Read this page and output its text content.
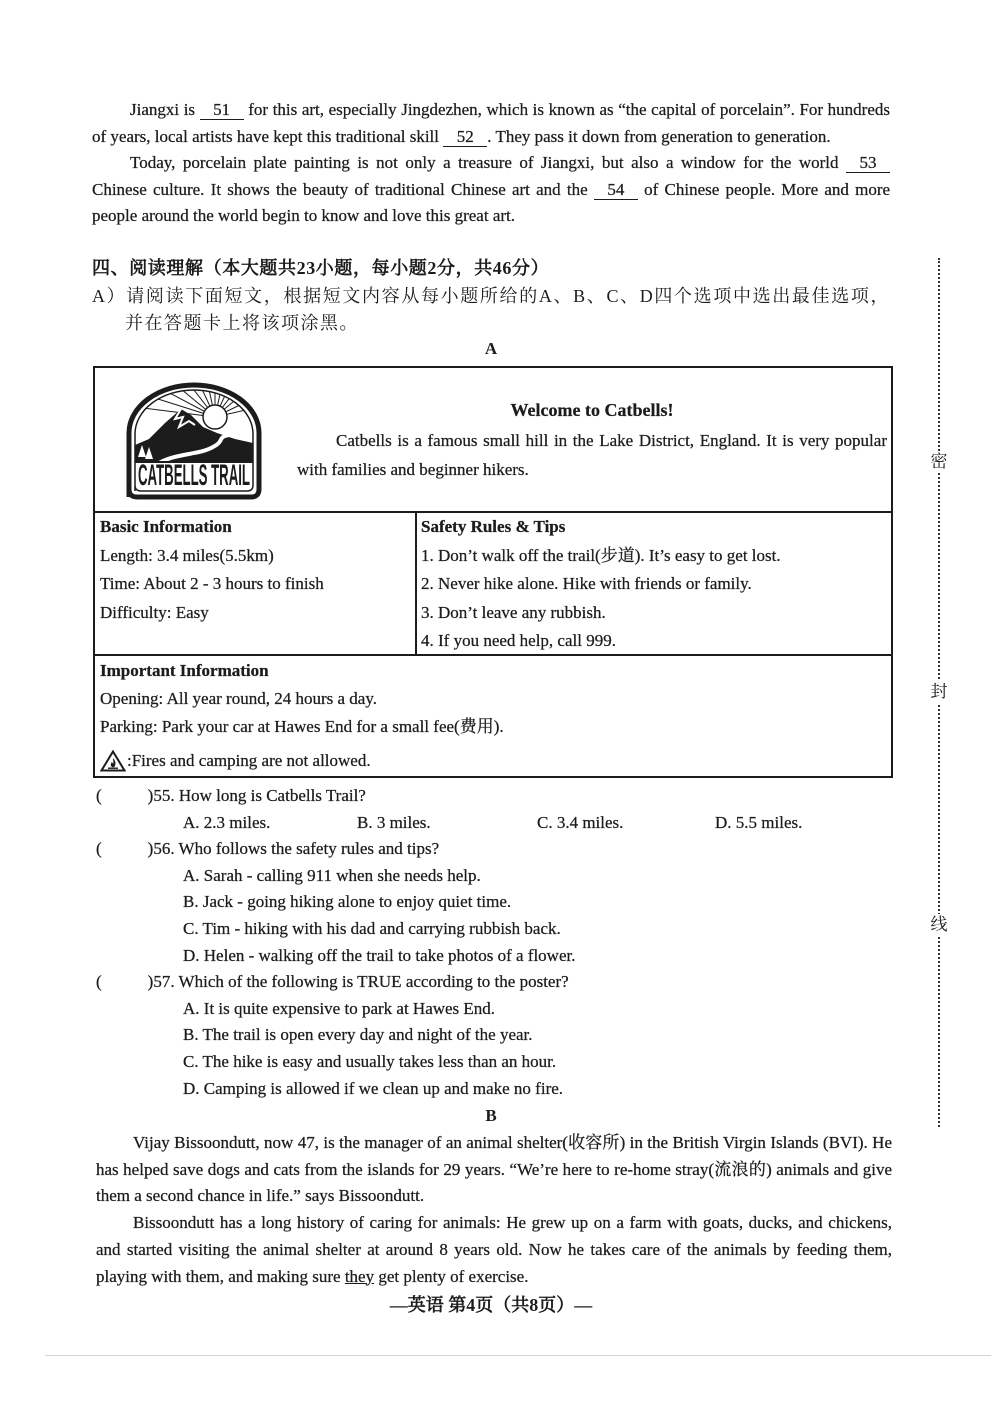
Jiangxi is 51 for this art, especially Jingdezhen, which is known as “the capital of porcelain”. For hundreds of years, local artists have kept this traditional skill 52 . They pass it down from generation to generation.

Today, porcelain plate painting is not only a treasure of Jiangxi, but also a window for the world 53 Chinese culture. It shows the beauty of traditional Chinese art and the 54 of Chinese people. More and more people around the world begin to know and love this great art.

四、阅读理解（本大题共23小题，每小题2分，共46分）

A）请阅读下面短文，根据短文内容从每小题所给的A、B、C、D四个选项中选出最佳选项，并在答题卡上将该项涂黑。

A
CATBELLS TRAIL
Welcome to Catbells!

Catbells is a famous small hill in the Lake District, England. It is very popular with families and beginner hikers.

Basic Information
Length: 3.4 miles(5.5km)
Time: About 2 - 3 hours to finish
Difficulty: Easy
Safety Rules & Tips
1. Don’t walk off the trail(步道). It’s easy to get lost.
2. Never hike alone. Hike with friends or family.
3. Don’t leave any rubbish.
4. If you need help, call 999.
Important Information
Opening: All year round, 24 hours a day.
Parking: Park your car at Hawes End for a small fee(费用).
:Fires and camping are not allowed.
(	)55. How long is Catbells Trail?
A. 2.3 miles.	B. 3 miles.	C. 3.4 miles.	D. 5.5 miles.
(	)56. Who follows the safety rules and tips?
A. Sarah - calling 911 when she needs help.
B. Jack - going hiking alone to enjoy quiet time.
C. Tim - hiking with his dad and carrying rubbish back.
D. Helen - walking off the trail to take photos of a flower.
(	)57. Which of the following is TRUE according to the poster?
A. It is quite expensive to park at Hawes End.
B. The trail is open every day and night of the year.
C. The hike is easy and usually takes less than an hour.
D. Camping is allowed if we clean up and make no fire.
B

Vijay Bissoondutt, now 47, is the manager of an animal shelter(收容所) in the British Virgin Islands (BVI). He has helped save dogs and cats from the islands for 29 years. “We’re here to re-home stray(流浪的) animals and give them a second chance in life.” says Bissoondutt.

Bissoondutt has a long history of caring for animals: He grew up on a farm with goats, ducks, and chickens, and started visiting the animal shelter at around 8 years old. Now he takes care of the animals by feeding them, playing with them, and making sure they get plenty of exercise.

—英语 第4页（共8页）—
密
封
线
